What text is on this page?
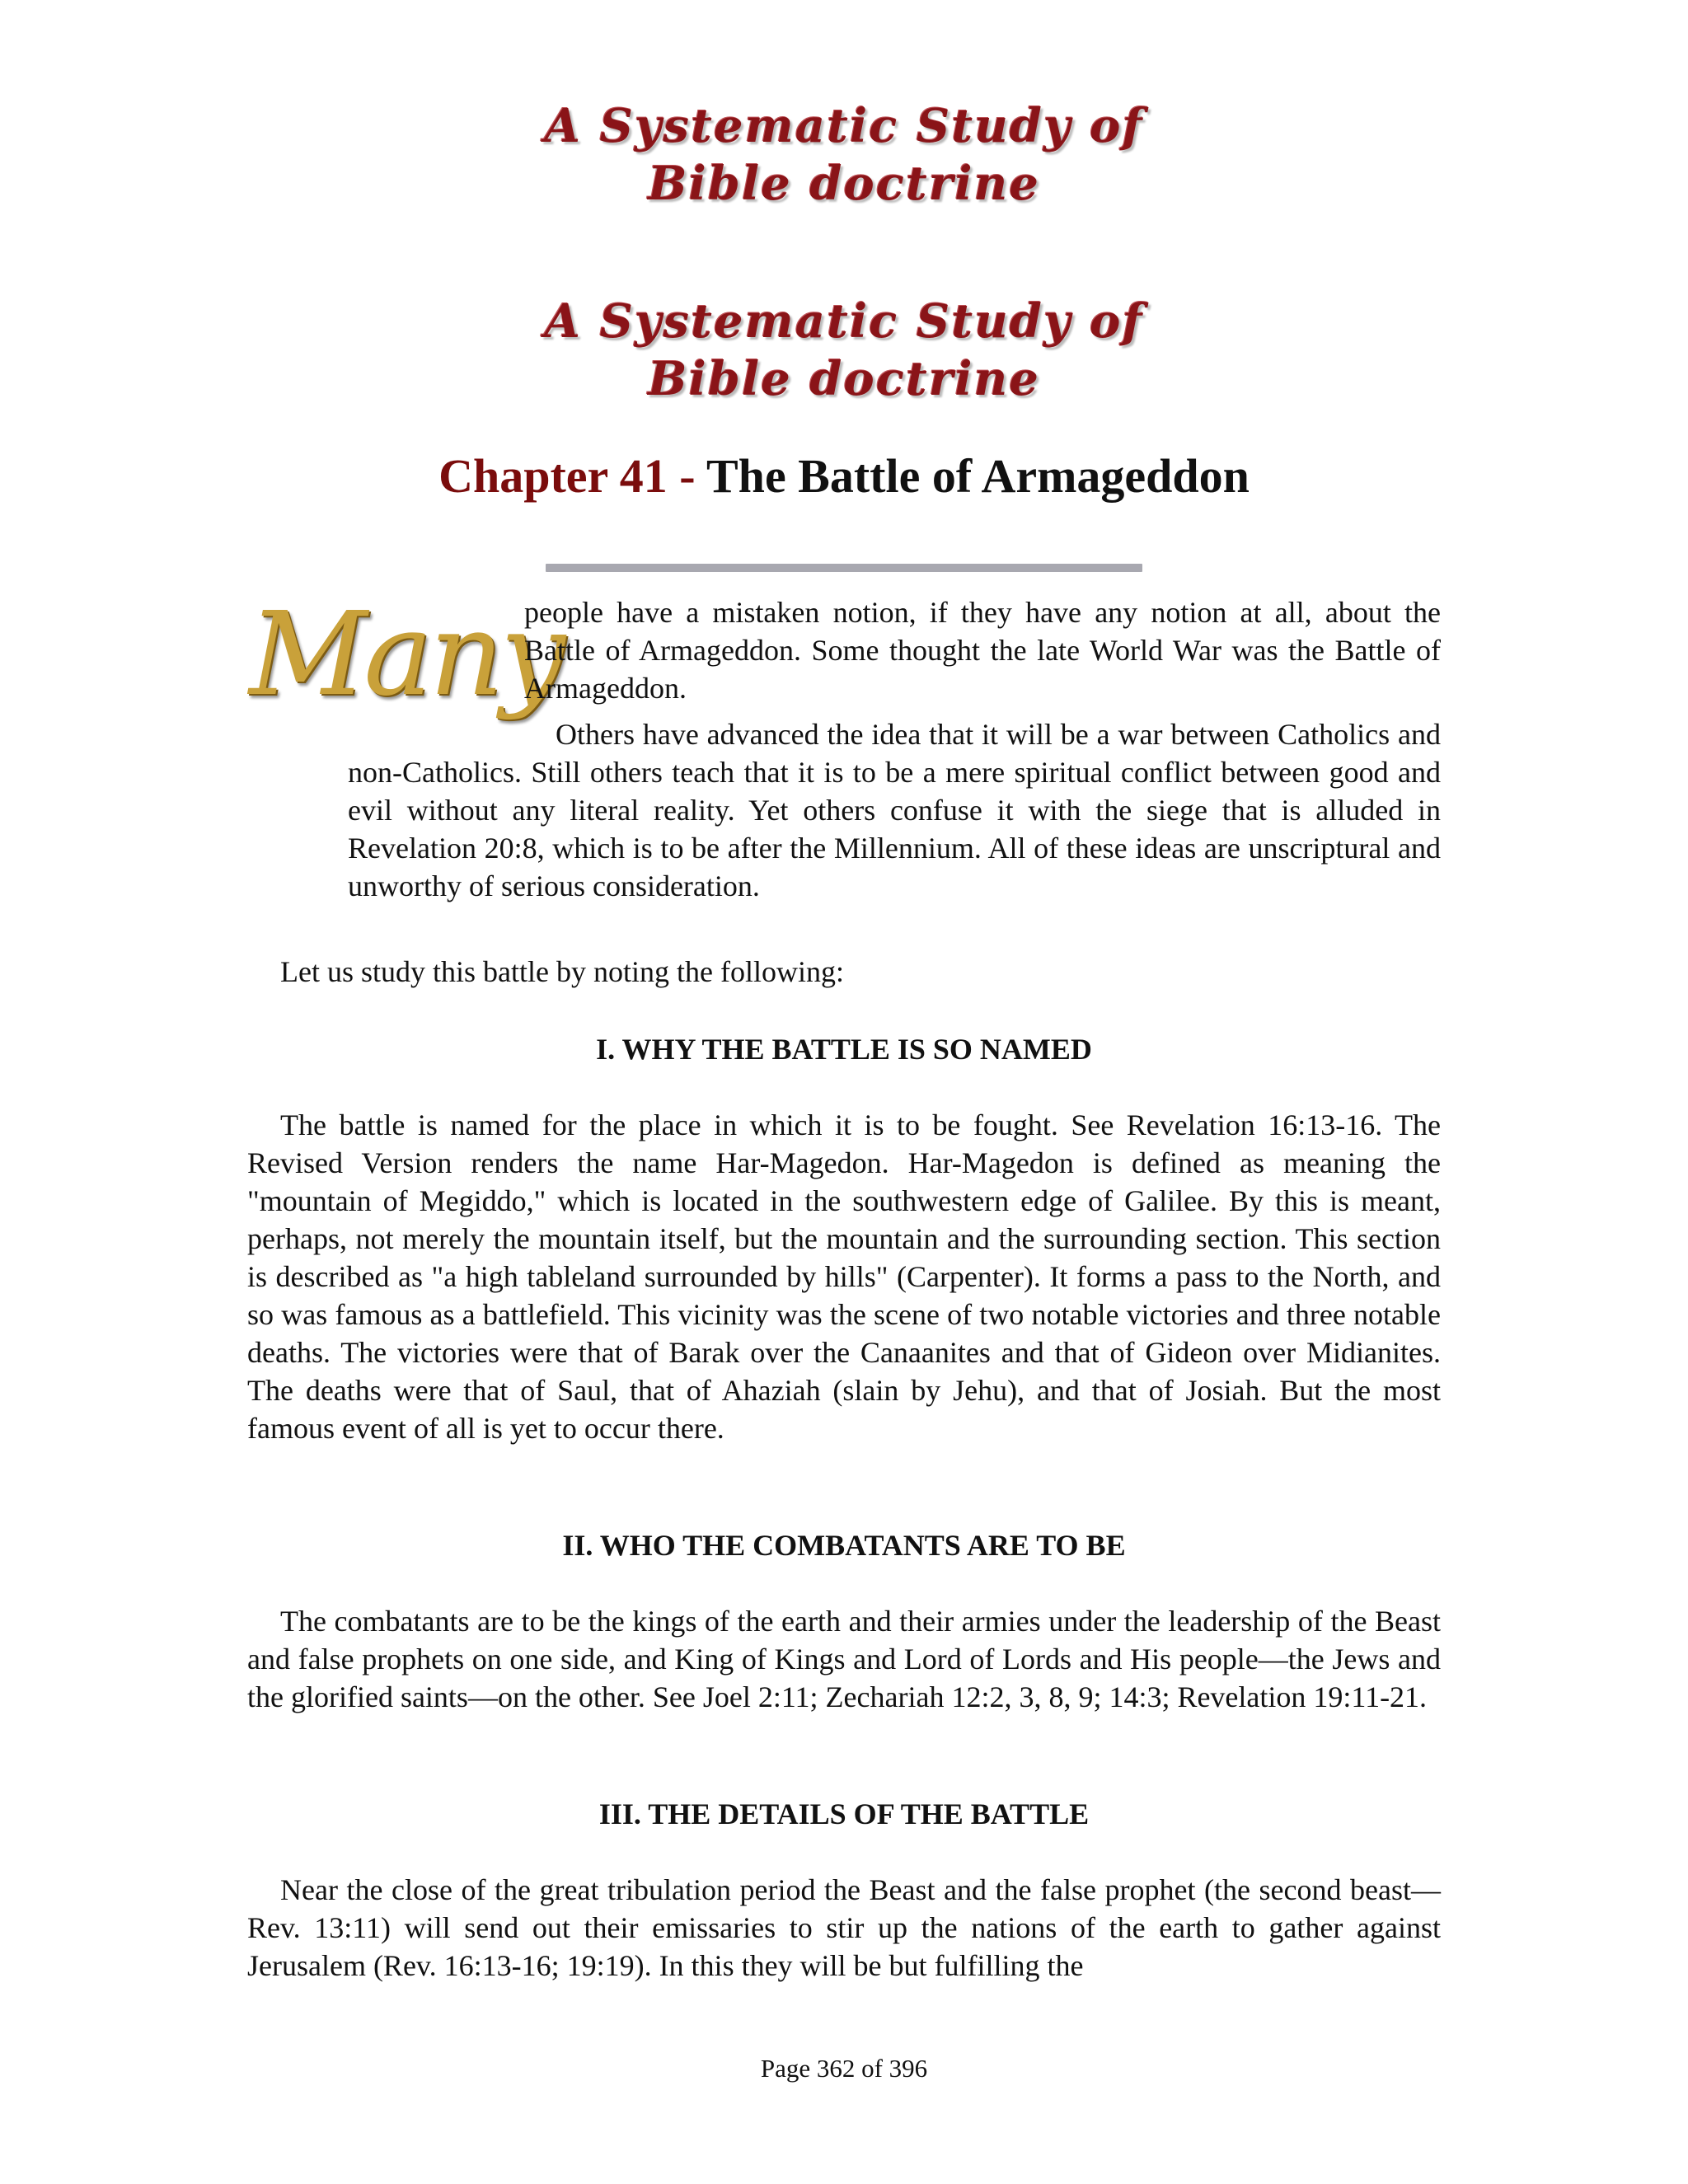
A Systematic Study of
Bible doctrine
A Systematic Study of
Bible doctrine
Chapter 41 - The Battle of Armageddon
Many

people have a mistaken notion, if they have any notion at all, about the Battle of Armageddon. Some thought the late World War was the Battle of Armageddon.

Others have advanced the idea that it will be a war between Catholics and non-Catholics. Still others teach that it is to be a mere spiritual conflict between good and evil without any literal reality. Yet others confuse it with the siege that is alluded in Revelation 20:8, which is to be after the Millennium. All of these ideas are unscriptural and unworthy of serious consideration.

Let us study this battle by noting the following:

I. WHY THE BATTLE IS SO NAMED

The battle is named for the place in which it is to be fought. See Revelation 16:13-16. The Revised Version renders the name Har-Magedon. Har-Magedon is defined as meaning the "mountain of Megiddo," which is located in the southwestern edge of Galilee. By this is meant, perhaps, not merely the mountain itself, but the mountain and the surrounding section. This section is described as "a high tableland surrounded by hills" (Carpenter). It forms a pass to the North, and so was famous as a battlefield. This vicinity was the scene of two notable victories and three notable deaths. The victories were that of Barak over the Canaanites and that of Gideon over Midianites. The deaths were that of Saul, that of Ahaziah (slain by Jehu), and that of Josiah. But the most famous event of all is yet to occur there.

II. WHO THE COMBATANTS ARE TO BE

The combatants are to be the kings of the earth and their armies under the leadership of the Beast and false prophets on one side, and King of Kings and Lord of Lords and His people—the Jews and the glorified saints—on the other. See Joel 2:11; Zechariah 12:2, 3, 8, 9; 14:3; Revelation 19:11-21.

III. THE DETAILS OF THE BATTLE

Near the close of the great tribulation period the Beast and the false prophet (the second beast—Rev. 13:11) will send out their emissaries to stir up the nations of the earth to gather against Jerusalem (Rev. 16:13-16; 19:19). In this they will be but fulfilling the

Page 362 of 396
